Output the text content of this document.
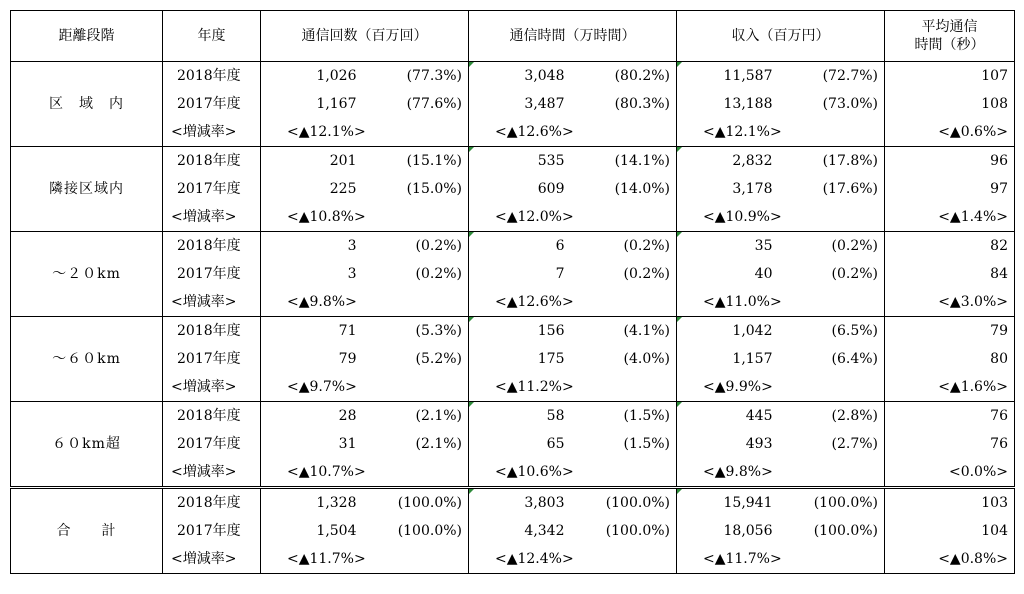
距離段階	年度	通信回数（百万回）		通信時間（万時間）		収入（百万円）		平均通信
時間（秒）
区　域　内	2018年度	1,026	(77.3%)	3,048	(80.2%)	11,587	(72.7%)	107
	2017年度	1,167	(77.6%)	3,487	(80.3%)	13,188	(73.0%)	108
	<増減率>	<▲12.1%>		<▲12.6%>		<▲12.1%>		<▲0.6%>
隣接区域内	2018年度	201	(15.1%)	535	(14.1%)	2,832	(17.8%)	96
	2017年度	225	(15.0%)	609	(14.0%)	3,178	(17.6%)	97
	<増減率>	<▲10.8%>		<▲12.0%>		<▲10.9%>		<▲1.4%>
～２０km	2018年度	3	(0.2%)	6	(0.2%)	35	(0.2%)	82
	2017年度	3	(0.2%)	7	(0.2%)	40	(0.2%)	84
	<増減率>	<▲9.8%>		<▲12.6%>		<▲11.0%>		<▲3.0%>
～６０km	2018年度	71	(5.3%)	156	(4.1%)	1,042	(6.5%)	79
	2017年度	79	(5.2%)	175	(4.0%)	1,157	(6.4%)	80
	<増減率>	<▲9.7%>		<▲11.2%>		<▲9.9%>		<▲1.6%>
６０km超	2018年度	28	(2.1%)	58	(1.5%)	445	(2.8%)	76
	2017年度	31	(2.1%)	65	(1.5%)	493	(2.7%)	76
	<増減率>	<▲10.7%>		<▲10.6%>		<▲9.8%>		<0.0%>
合　　計	2018年度	1,328	(100.0%)	3,803	(100.0%)	15,941	(100.0%)	103
	2017年度	1,504	(100.0%)	4,342	(100.0%)	18,056	(100.0%)	104
	<増減率>	<▲11.7%>		<▲12.4%>		<▲11.7%>		<▲0.8%>
